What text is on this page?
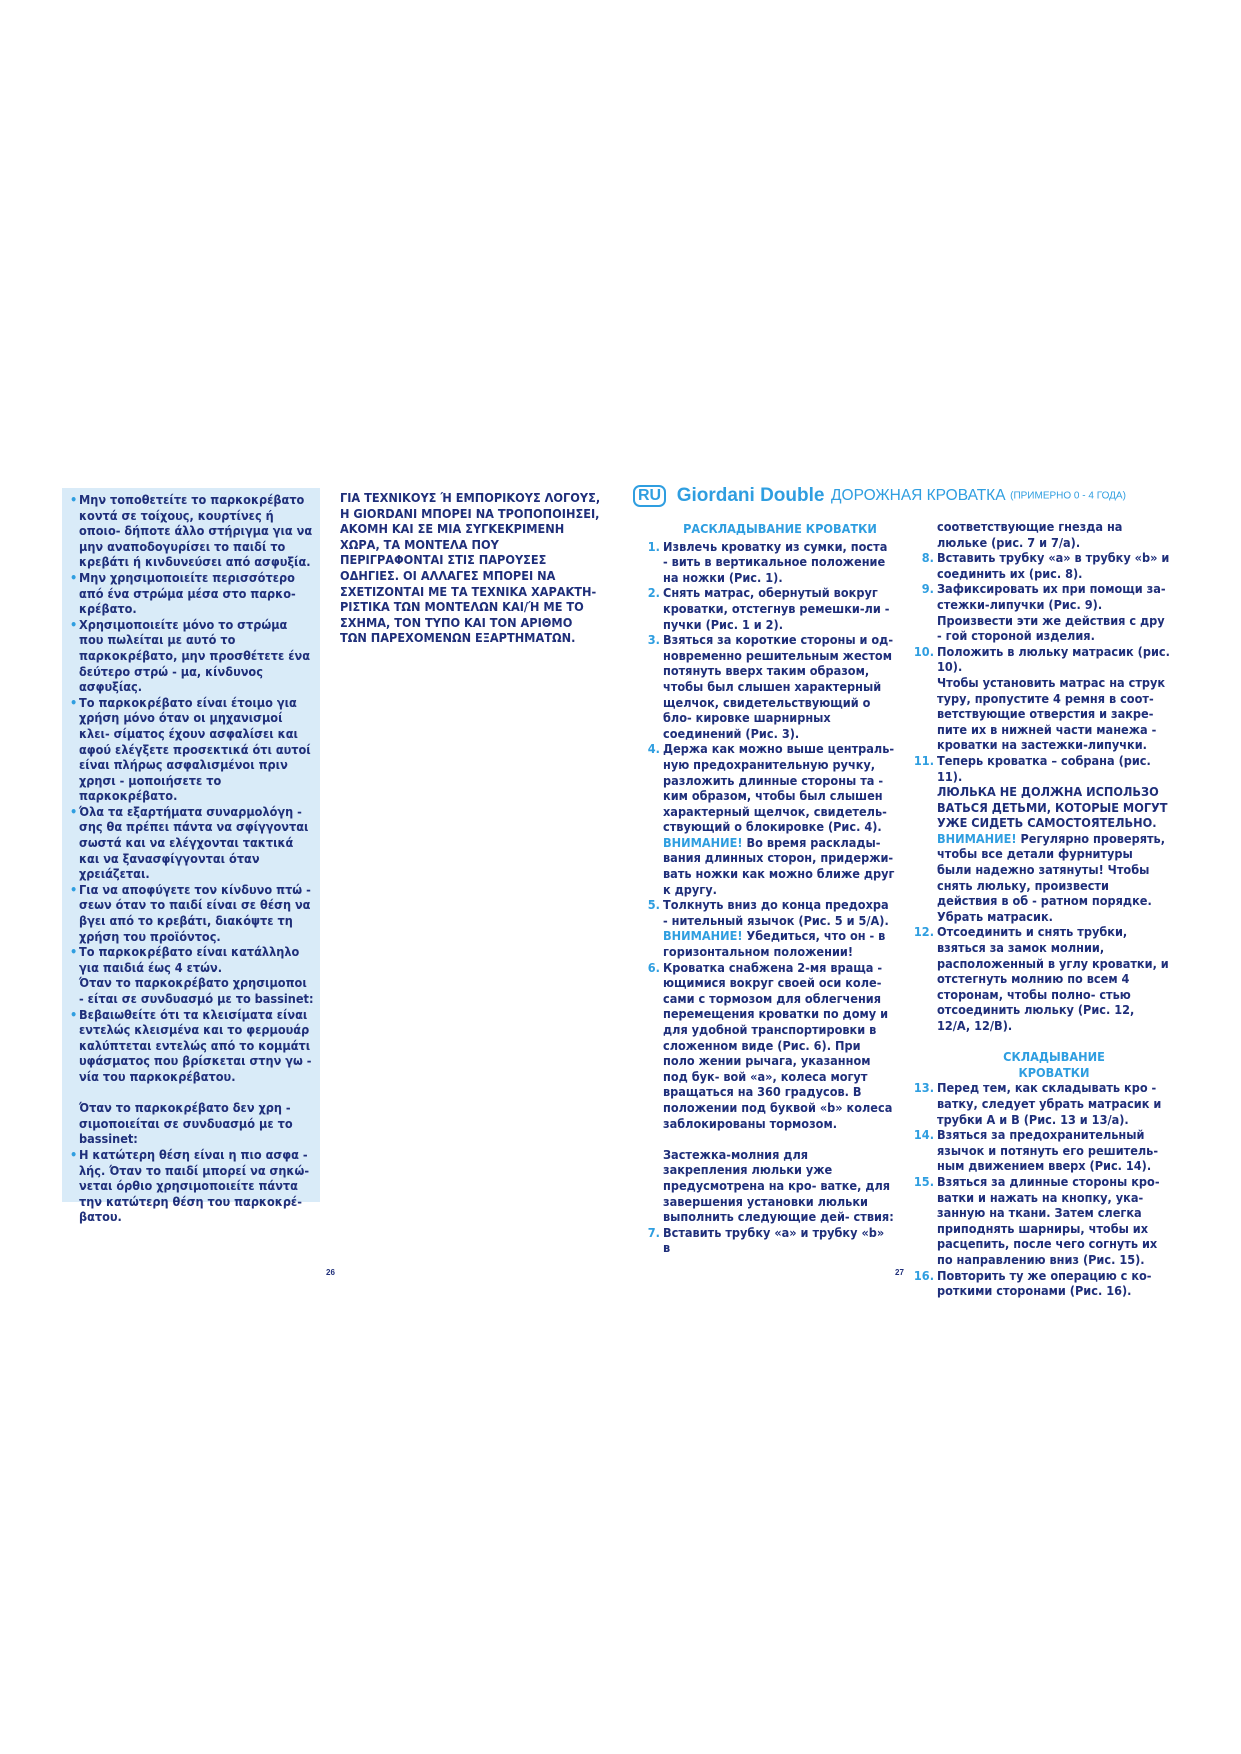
• Μην τοποθετείτε το παρκοκρέβατο κοντά σε τοίχους, κουρτίνες ή οποιο- δήποτε άλλο στήριγμα για να μην αναποδογυρίσει το παιδί το κρεβάτι ή κινδυνεύσει από ασφυξία.
• Μην χρησιμοποιείτε περισσότερο από ένα στρώμα μέσα στο παρκο- κρέβατο.
• Χρησιμοποιείτε μόνο το στρώμα που πωλείται με αυτό το παρκοκρέβατο, μην προσθέτετε ένα δεύτερο στρώ - μα, κίνδυνος ασφυξίας.
• Το παρκοκρέβατο είναι έτοιμο για χρήση μόνο όταν οι μηχανισμοί κλει- σίματος έχουν ασφαλίσει και αφού ελέγξετε προσεκτικά ότι αυτοί είναι πλήρως ασφαλισμένοι πριν χρησι - μοποιήσετε το παρκοκρέβατο.
• Όλα τα εξαρτήματα συναρμολόγη - σης θα πρέπει πάντα να σφίγγονται σωστά και να ελέγχονται τακτικά και να ξανασφίγγονται όταν χρειάζεται.
• Για να αποφύγετε τον κίνδυνο πτώ - σεων όταν το παιδί είναι σε θέση να βγει από το κρεβάτι, διακόψτε τη χρήση του προϊόντος.
• Το παρκοκρέβατο είναι κατάλληλο για παιδιά έως 4 ετών.

Όταν το παρκοκρέβατο χρησιμοποι - είται σε συνδυασμό με το bassinet:

• Βεβαιωθείτε ότι τα κλεισίματα είναι εντελώς κλεισμένα και το φερμουάρ καλύπτεται εντελώς από το κομμάτι υφάσματος που βρίσκεται στην γω - νία του παρκοκρέβατου.

Όταν το παρκοκρέβατο δεν χρη - σιμοποιείται σε συνδυασμό με το bassinet:

• Η κατώτερη θέση είναι η πιο ασφα - λής. Όταν το παιδί μπορεί να σηκώ- νεται όρθιο χρησιμοποιείτε πάντα την κατώτερη θέση του παρκοκρέ- βατου.
ΓΙΑ ΤΕΧΝΙΚΟΥΣ Ή ΕΜΠΟΡΙΚΟΥΣ ΛΟΓΟΥΣ, Η GIORDANI ΜΠΟΡΕΙ ΝΑ ΤΡΟΠΟΠΟΙΗΣΕΙ, ΑΚΟΜΗ ΚΑΙ ΣΕ ΜΙΑ ΣΥΓΚΕΚΡΙΜΕΝΗ ΧΩΡΑ, ΤΑ ΜΟΝΤΕΛΑ ΠΟΥ ΠΕΡΙΓΡΑΦΟΝΤΑΙ ΣΤΙΣ ΠΑΡΟΥΣΕΣ ΟΔΗΓΙΕΣ. ΟΙ ΑΛΛΑΓΕΣ ΜΠΟΡΕΙ ΝΑ ΣΧΕΤΙΖΟΝΤΑΙ ΜΕ ΤΑ ΤΕΧΝΙΚΑ ΧΑΡΑΚΤΗ- ΡΙΣΤΙΚΑ ΤΩΝ ΜΟΝΤΕΛΩΝ ΚΑΙ/Ή ΜΕ ΤΟ ΣΧΗΜΑ, ΤΟΝ ΤΥΠΟ ΚΑΙ ΤΟΝ ΑΡΙΘΜΟ ΤΩΝ ΠΑΡΕΧΟΜΕΝΩΝ ΕΞΑΡΤΗΜΑΤΩΝ.
26
RU Giordani Double ДОРОЖНАЯ КРОВАТКА (ПРИМЕРНО 0 - 4 ГОДА)
РАСКЛАДЫВАНИЕ КРОВАТКИ
1. Извлечь кроватку из сумки, поста - вить в вертикальное положение на ножки (Рис. 1).
2. Снять матрас, обернутый вокруг кроватки, отстегнув ремешки-ли - пучки (Рис. 1 и 2).
3. Взяться за короткие стороны и од- новременно решительным жестом потянуть вверх таким образом, чтобы был слышен характерный щелчок, свидетельствующий о бло- кировке шарнирных соединений (Рис. 3).
4. Держа как можно выше централь- ную предохранительную ручку, разложить длинные стороны та - ким образом, чтобы был слышен характерный щелчок, свидетель- ствующий о блокировке (Рис. 4).

ВНИМАНИЕ! Во время расклады- вания длинных сторон, придержи- вать ножки как можно ближе друг к другу.

5. Толкнуть вниз до конца предохра - нительный язычок (Рис. 5 и 5/A).

ВНИМАНИЕ! Убедиться, что он - в горизонтальном положении!

6. Кроватка снабжена 2-мя враща - ющимися вокруг своей оси коле- сами с тормозом для облегчения перемещения кроватки по дому и для удобной транспортировки в сложенном виде (Рис. 6). При поло жении рычага, указанном под бук- вой «a», колеса могут вращаться на 360 градусов. В положении под буквой «b» колеса заблокированы тормозом.

Застежка-молния для закрепления люльки уже предусмотрена на кро- ватке, для завершения установки люльки выполнить следующие дей- ствия:

7. Вставить трубку «a» и трубку «b» в

соответствующие гнезда на люльке (рис. 7 и 7/a).

8. Вставить трубку «a» в трубку «b» и соединить их (рис. 8).
9. Зафиксировать их при помощи за- стежки-липучки (Рис. 9).

Произвести эти же действия с дру - гой стороной изделия.

10. Положить в люльку матрасик (рис. 10).

Чтобы установить матрас на струк туру, пропустите 4 ремня в соот- ветствующие отверстия и закре- пите их в нижней части манежа - кроватки на застежки-липучки.

11. Теперь кроватка – собрана (рис. 11).

ЛЮЛЬКА НЕ ДОЛЖНА ИСПОЛЬЗО ВАТЬСЯ ДЕТЬМИ, КОТОРЫЕ МОГУТ УЖЕ СИДЕТЬ САМОСТОЯТЕЛЬНО.

ВНИМАНИЕ! Регулярно проверять, чтобы все детали фурнитуры были надежно затянуты! Чтобы снять люльку, произвести действия в об - ратном порядке. Убрать матрасик.

12. Отсоединить и снять трубки, взяться за замок молнии, расположенный в углу кроватки, и отстегнуть молнию по всем 4 сторонам, чтобы полно- стью отсоединить люльку (Рис. 12, 12/A, 12/B).
СКЛАДЫВАНИЕ КРОВАТКИ
13. Перед тем, как складывать кро - ватку, следует убрать матрасик и трубки A и B (Рис. 13 и 13/a).
14. Взяться за предохранительный язычок и потянуть его решитель- ным движением вверх (Рис. 14).
15. Взяться за длинные стороны кро- ватки и нажать на кнопку, ука- занную на ткани. Затем слегка приподнять шарниры, чтобы их расцепить, после чего согнуть их по направлению вниз (Рис. 15).
16. Повторить ту же операцию с ко- роткими сторонами (Рис. 16).
27
